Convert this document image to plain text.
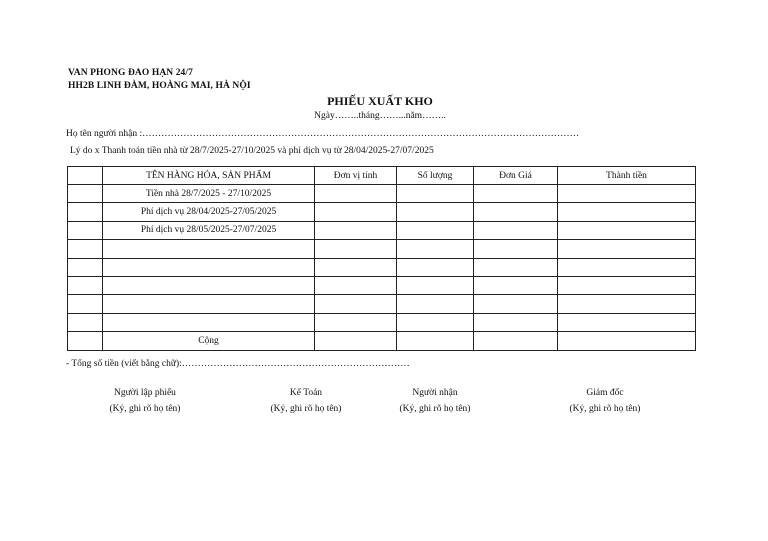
VAN PHONG ĐAO HẠN 24/7
HH2B LINH ĐÀM, HOÀNG MAI, HÀ NỘI
PHIẾU XUẤT KHO
Ngày……..tháng……...năm……..
Họ tên người nhận :…………………………………………………………………………………………………………………………
Lý do x Thanh toán tiền nhà từ 28/7/2025-27/10/2025 và phí dịch vụ từ 28/04/2025-27/07/2025
	TÊN HÀNG HÓA, SẢN PHẨM	Đơn vị tính	Số lượng	Đơn Giá	Thành tiền
	Tiền nhà 28/7/2025 - 27/10/2025				
	Phí dịch vụ 28/04/2025-27/05/2025				
	Phí dịch vụ 28/05/2025-27/07/2025				

	Cộng				
- Tổng số tiền (viết bằng chữ):………………………………………………………………
Người lập phiếu
(Ký, ghi rõ họ tên)
Kế Toán
(Ký, ghi rõ họ tên)
Người nhận
(Ký, ghi rõ họ tên)
Giám đốc
(Ký, ghi rõ họ tên)
